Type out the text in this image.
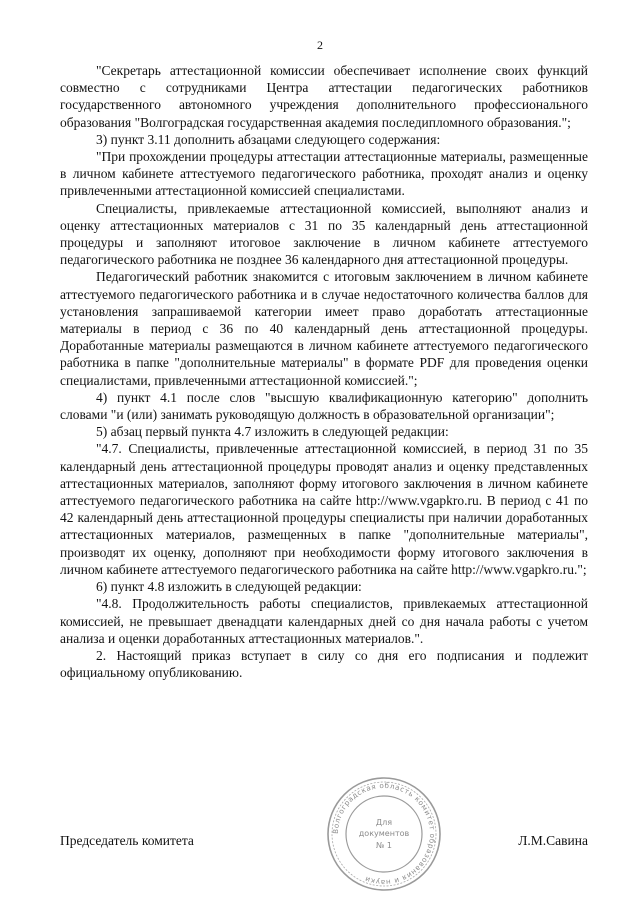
2

"Секретарь аттестационной комиссии обеспечивает исполнение своих функций совместно с сотрудниками Центра аттестации педагогических работников государственного автономного учреждения дополнительного профессионального образования "Волгоградская государственная академия последипломного образования.";

3) пункт 3.11 дополнить абзацами следующего содержания:

"При прохождении процедуры аттестации аттестационные материалы, размещенные в личном кабинете аттестуемого педагогического работника, проходят анализ и оценку привлеченными аттестационной комиссией специалистами.

Специалисты, привлекаемые аттестационной комиссией, выполняют анализ и оценку аттестационных материалов с 31 по 35 календарный день аттестационной процедуры и заполняют итоговое заключение в личном кабинете аттестуемого педагогического работника не позднее 36 календарного дня аттестационной процедуры.

Педагогический работник знакомится с итоговым заключением в личном кабинете аттестуемого педагогического работника и в случае недостаточного количества баллов для установления запрашиваемой категории имеет право доработать аттестационные материалы в период с 36 по 40 календарный день аттестационной процедуры. Доработанные материалы размещаются в личном кабинете аттестуемого педагогического работника в папке "дополнительные материалы" в формате PDF для проведения оценки специалистами, привлеченными аттестационной комиссией.";

4) пункт 4.1 после слов "высшую квалификационную категорию" дополнить словами "и (или) занимать руководящую должность в образовательной организации";

5) абзац первый пункта 4.7 изложить в следующей редакции:

"4.7. Специалисты, привлеченные аттестационной комиссией, в период 31 по 35 календарный день аттестационной процедуры проводят анализ и оценку представленных аттестационных материалов, заполняют форму итогового заключения в личном кабинете аттестуемого педагогического работника на сайте http://www.vgapkro.ru. В период с 41 по 42 календарный день аттестационной процедуры специалисты при наличии доработанных аттестационных материалов, размещенных в папке "дополнительные материалы", производят их оценку, дополняют при необходимости форму итогового заключения в личном кабинете аттестуемого педагогического работника на сайте http://www.vgapkro.ru.";

6) пункт 4.8 изложить в следующей редакции:

"4.8. Продолжительность работы специалистов, привлекаемых аттестационной комиссией, не превышает двенадцати календарных дней со дня начала работы с учетом анализа и оценки доработанных аттестационных материалов.".

2. Настоящий приказ вступает в силу со дня его подписания и подлежит официальному опубликованию.

Волгоградская область комитет образования и науки
Для
документов
№ 1
Председатель комитета	Л.М.Савина
